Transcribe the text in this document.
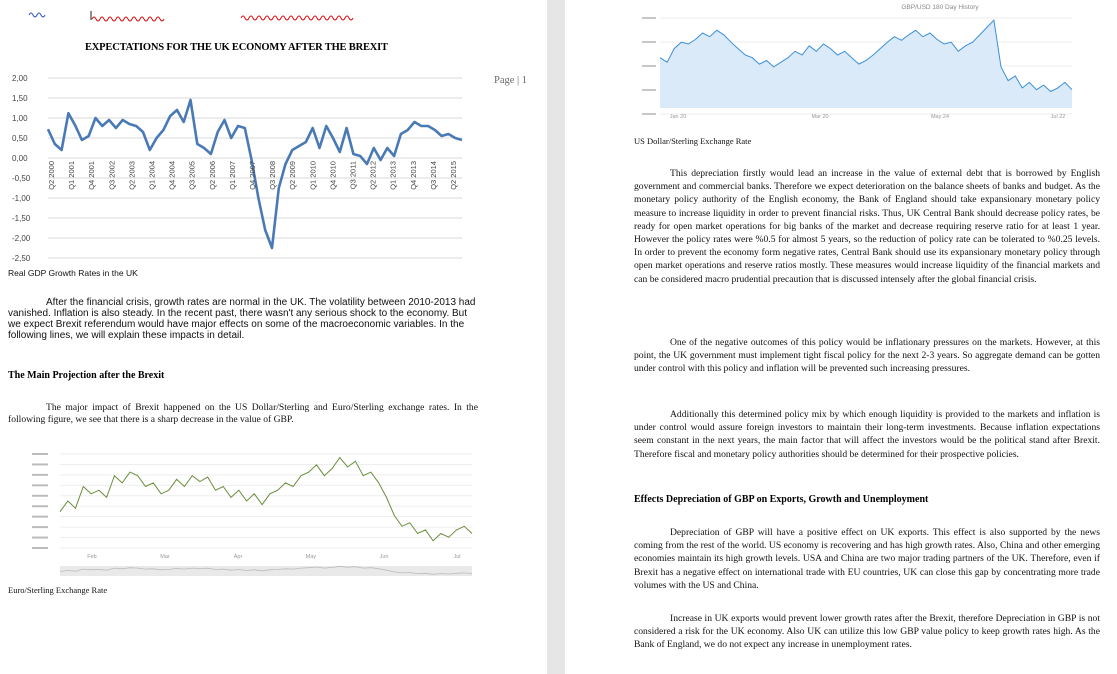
EXPECTATIONS FOR THE UK ECONOMY AFTER THE BREXIT
Page | 1
2,00
1,50
1,00
0,50
0,00
-0,50
-1,00
-1,50
-2,00
-2,50
Q2 2000 Q1 2001 Q4 2001 Q3 2002 Q2 2003 Q1 2004 Q4 2004 Q3 2005 Q2 2006 Q1 2007 Q4 2007 Q3 2008 Q2 2009 Q1 2010 Q4 2010 Q3 2011 Q2 2012 Q1 2013 Q4 2013 Q3 2014 Q2 2015
Real GDP Growth Rates in the UK
After the financial crisis, growth rates are normal in the UK. The volatility between 2010-2013 had vanished. Inflation is also steady. In the recent past, there wasn't any serious shock to the economy. But we expect Brexit referendum would have major effects on some of the macroeconomic variables. In the following lines, we will explain these impacts in detail.
The Main Projection after the Brexit
The major impact of Brexit happened on the US Dollar/Sterling and Euro/Sterling exchange rates. In the following figure, we see that there is a sharp decrease in the value of GBP.
Feb	Mar	Apr	May	Jun	Jul
Euro/Sterling Exchange Rate
GBP/USD 180 Day History
Jan 20	Mar 20	May 24	Jul 22
US Dollar/Sterling Exchange Rate
This depreciation firstly would lead an increase in the value of external debt that is borrowed by English government and commercial banks. Therefore we expect deterioration on the balance sheets of banks and budget. As the monetary policy authority of the English economy, the Bank of England should take expansionary monetary policy measure to increase liquidity in order to prevent financial risks. Thus, UK Central Bank should decrease policy rates, be ready for open market operations for big banks of the market and decrease requiring reserve ratio for at least 1 year. However the policy rates were %0.5 for almost 5 years, so the reduction of policy rate can be tolerated to %0.25 levels. In order to prevent the economy form negative rates, Central Bank should use its expansionary monetary policy through open market operations and reserve ratios mostly. These measures would increase liquidity of the financial markets and can be considered macro prudential precaution that is discussed intensely after the global financial crisis.
One of the negative outcomes of this policy would be inflationary pressures on the markets. However, at this point, the UK government must implement tight fiscal policy for the next 2-3 years. So aggregate demand can be gotten under control with this policy and inflation will be prevented such increasing pressures.
Additionally this determined policy mix by which enough liquidity is provided to the markets and inflation is under control would assure foreign investors to maintain their long-term investments. Because inflation expectations seem constant in the next years, the main factor that will affect the investors would be the political stand after Brexit. Therefore fiscal and monetary policy authorities should be determined for their prospective policies.
Effects Depreciation of GBP on Exports, Growth and Unemployment
Depreciation of GBP will have a positive effect on UK exports. This effect is also supported by the news coming from the rest of the world. US economy is recovering and has high growth rates. Also, China and other emerging economies maintain its high growth levels. USA and China are two major trading partners of the UK. Therefore, even if Brexit has a negative effect on international trade with EU countries, UK can close this gap by concentrating more trade volumes with the US and China.
Increase in UK exports would prevent lower growth rates after the Brexit, therefore Depreciation in GBP is not considered a risk for the UK economy. Also UK can utilize this low GBP value policy to keep growth rates high. As the Bank of England, we do not expect any increase in unemployment rates.
